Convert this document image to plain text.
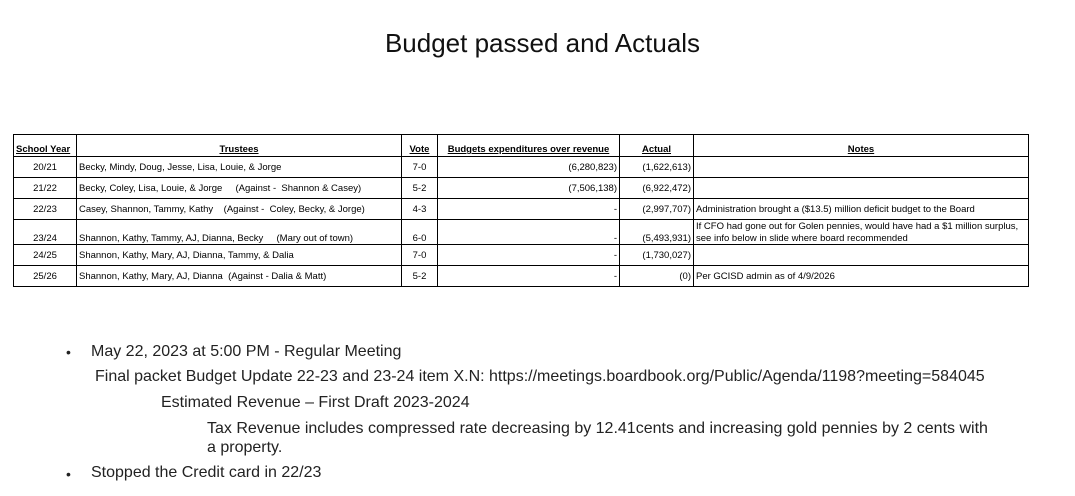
Budget passed and Actuals
School Year	Trustees	Vote	Budgets expenditures over revenue	Actual	Notes
20/21	Becky, Mindy, Doug, Jesse, Lisa, Louie, & Jorge	7-0	(6,280,823)	(1,622,613)	
21/22	Becky, Coley, Lisa, Louie, & Jorge     (Against -  Shannon & Casey)	5-2	(7,506,138)	(6,922,472)	
22/23	Casey, Shannon, Tammy, Kathy    (Against -  Coley, Becky, & Jorge)	4-3	-	(2,997,707)	Administration brought a ($13.5) million deficit budget to the Board
23/24	Shannon, Kathy, Tammy, AJ, Dianna, Becky     (Mary out of town)	6-0	-	(5,493,931)	If CFO had gone out for Golen pennies, would have had a $1 million surplus, see info below in slide where board recommended
24/25	Shannon, Kathy, Mary, AJ, Dianna, Tammy, & Dalia	7-0	-	(1,730,027)	
25/26	Shannon, Kathy, Mary, AJ, Dianna  (Against - Dalia & Matt)	5-2	-	(0)	Per GCISD admin as of 4/9/2026
• May 22, 2023 at 5:00 PM - Regular Meeting
Final packet Budget Update 22-23 and 23-24 item X.N: https://meetings.boardbook.org/Public/Agenda/1198?meeting=584045
Estimated Revenue – First Draft 2023-2024
Tax Revenue includes compressed rate decreasing by 12.41cents and increasing gold pennies by 2 cents with
a property.
• Stopped the Credit card in 22/23
